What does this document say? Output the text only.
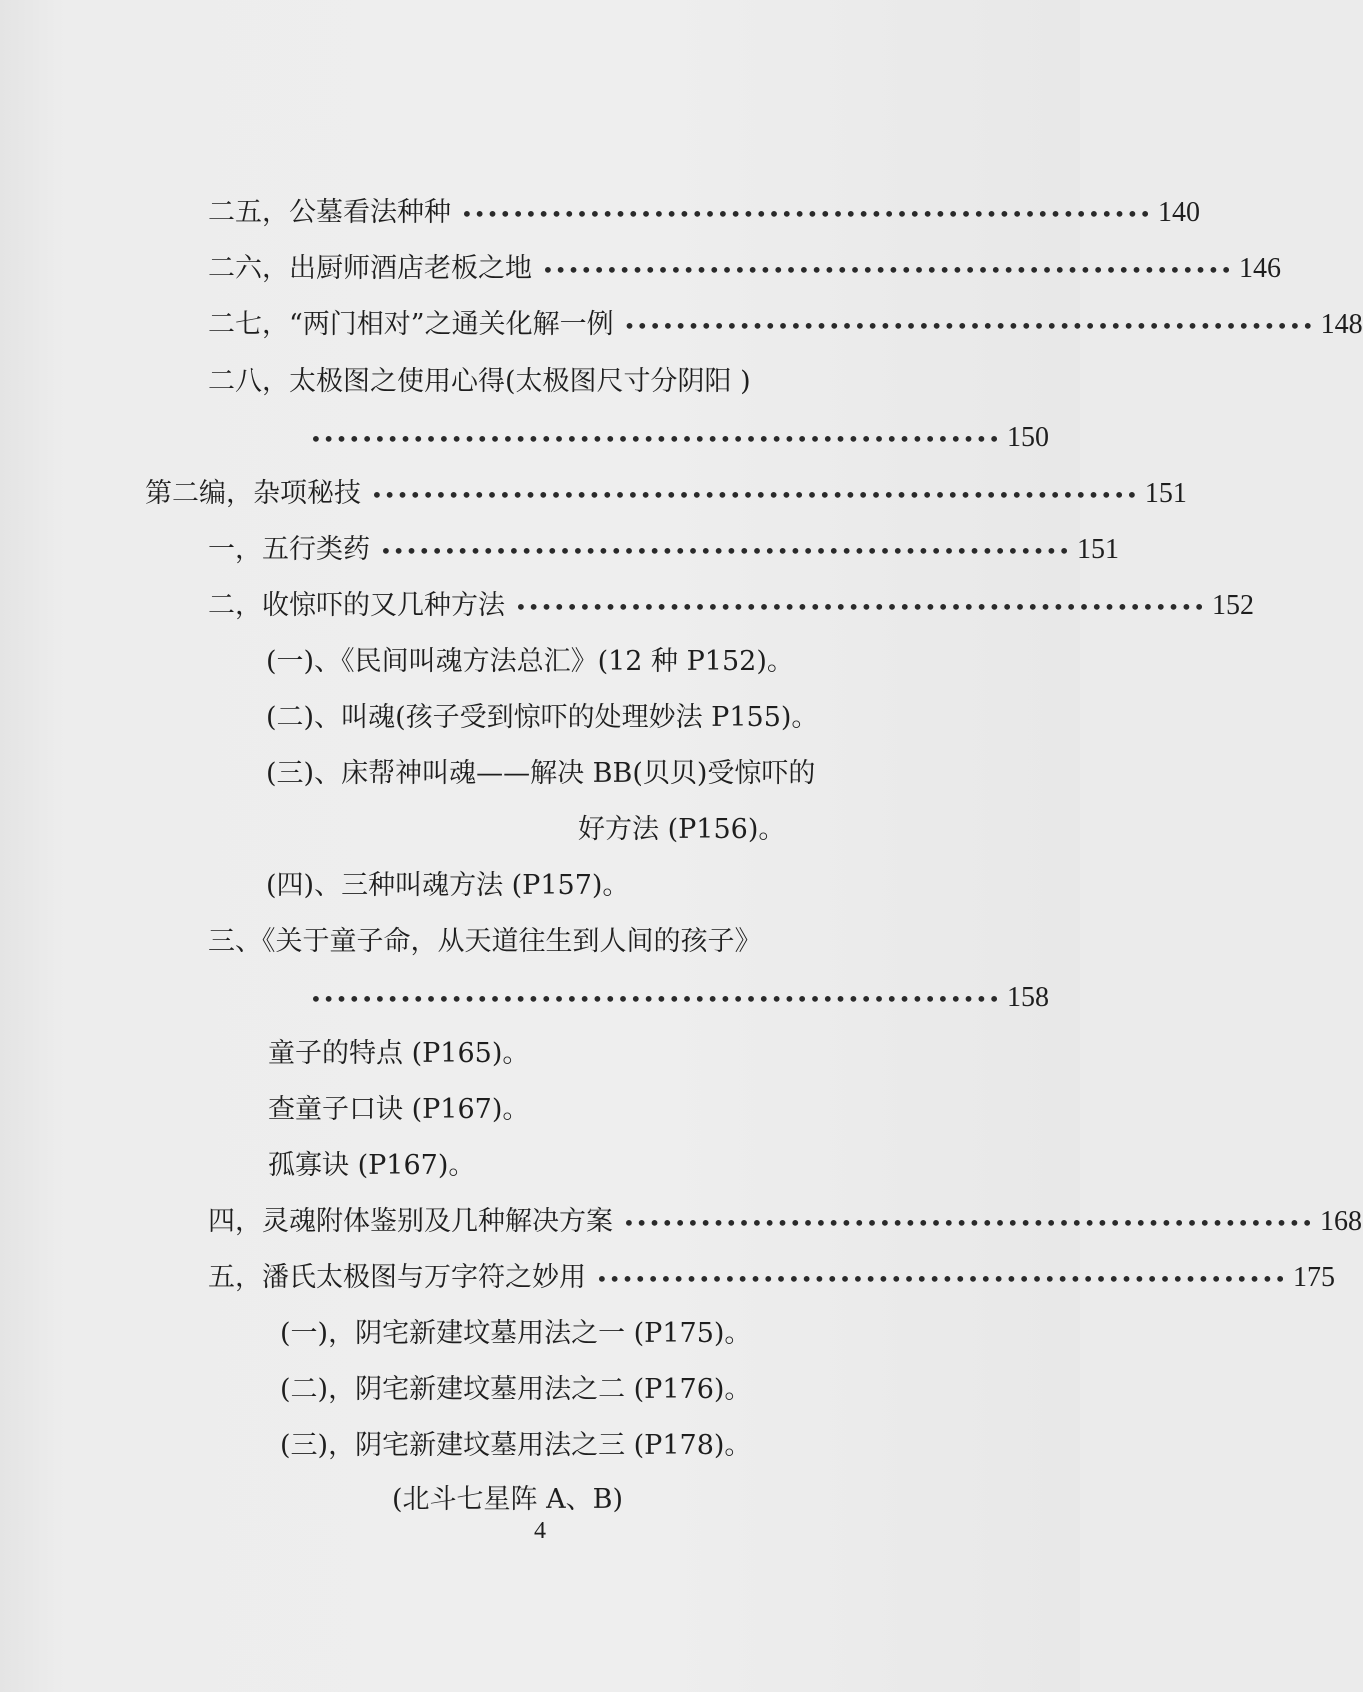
二五，公墓看法种种 •••••••••••••••••••••••••••••••••••••••••••••••••••••• 140
二六，出厨师酒店老板之地 •••••••••••••••••••••••••••••••••••••••••••••••••••••• 146
二七，“两门相对”之通关化解一例 •••••••••••••••••••••••••••••••••••••••••••••••••••••• 148
二八，太极图之使用心得(太极图尺寸分阴阳 )
•••••••••••••••••••••••••••••••••••••••••••••••••••••• 150
第二编，杂项秘技 •••••••••••••••••••••••••••••••••••••••••••••••••••••••••••• 151
一，五行类药 •••••••••••••••••••••••••••••••••••••••••••••••••••••• 151
二，收惊吓的又几种方法 •••••••••••••••••••••••••••••••••••••••••••••••••••••• 152
(一)、《民间叫魂方法总汇》(12 种 P152)。
(二)、叫魂(孩子受到惊吓的处理妙法 P155)。
(三)、床帮神叫魂——解决 BB(贝贝)受惊吓的
好方法 (P156)。
(四)、三种叫魂方法 (P157)。
三、《关于童子命，从天道往生到人间的孩子》
•••••••••••••••••••••••••••••••••••••••••••••••••••••• 158
童子的特点 (P165)。
查童子口诀 (P167)。
孤寡诀 (P167)。
四，灵魂附体鉴别及几种解决方案 •••••••••••••••••••••••••••••••••••••••••••••••••••••• 168
五，潘氏太极图与万字符之妙用 •••••••••••••••••••••••••••••••••••••••••••••••••••••• 175
(一)，阴宅新建坟墓用法之一 (P175)。
(二)，阴宅新建坟墓用法之二 (P176)。
(三)，阴宅新建坟墓用法之三 (P178)。
(北斗七星阵 A、B)
4
